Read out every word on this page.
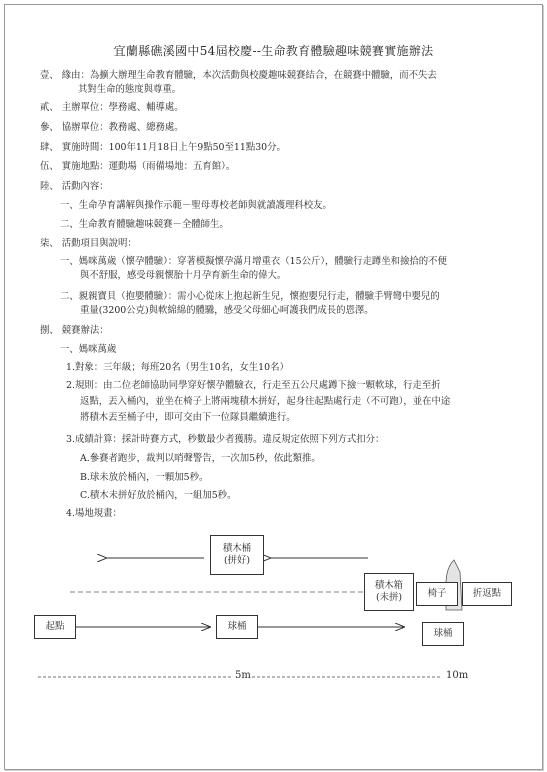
宜蘭縣礁溪國中54屆校慶--生命教育體驗趣味競賽實施辦法
壹、 緣由：為擴大辦理生命教育體驗，本次活動與校慶趣味競賽結合，在競賽中體驗，而不失去
其對生命的態度與尊重。
貳、 主辦單位：學務處、輔導處。
參、 協辦單位：教務處、總務處。
肆、 實施時間：100年11月18日上午9點50至11點30分。
伍、 實施地點：運動場（雨備場地：五育館）。
陸、 活動內容：
一、生命孕育講解與操作示範－聖母專校老師與就讀護理科校友。
二、生命教育體驗趣味競賽－全體師生。
柒、 活動項目與說明：
一、媽咪萬歲（懷孕體驗）：穿著模擬懷孕滿月增重衣（15公斤），體驗行走蹲坐和撿拾的不便
與不舒服，感受母親懷胎十月孕育新生命的偉大。
二、親親寶貝（抱嬰體驗）：需小心從床上抱起新生兒，懷抱嬰兒行走，體驗手臂彎中嬰兒的
重量(3200公克)與軟綿綿的體驣，感受父母細心呵護我們成長的恩澤。
捌、 競賽辦法：
一、媽咪萬歲
1.對象：三年級；每班20名（男生10名，女生10名）
2.規則：由二位老師協助同學穿好懷孕體驗衣，行走至五公尺處蹲下撿一顆軟球，行走至折
返點，丟入桶內，並坐在椅子上將兩塊積木拼好，起身往起點處行走（不可跑），並在中途
將積木丟至桶子中，即可交由下一位隊員繼續進行。
3.成績計算：採計時賽方式，秒數最少者獲勝。違反規定依照下列方式扣分：
A.參賽者跑步，裁判以哨聲警告，一次加5秒，依此類推。
B.球未放於桶內，一顆加5秒。
C.積木未拼好放於桶內，一組加5秒。
4.場地規畫：
積木桶
(拼好)
積木箱
(未拼)	椅子	折返點
起點	球桶
球桶
5m	10m
